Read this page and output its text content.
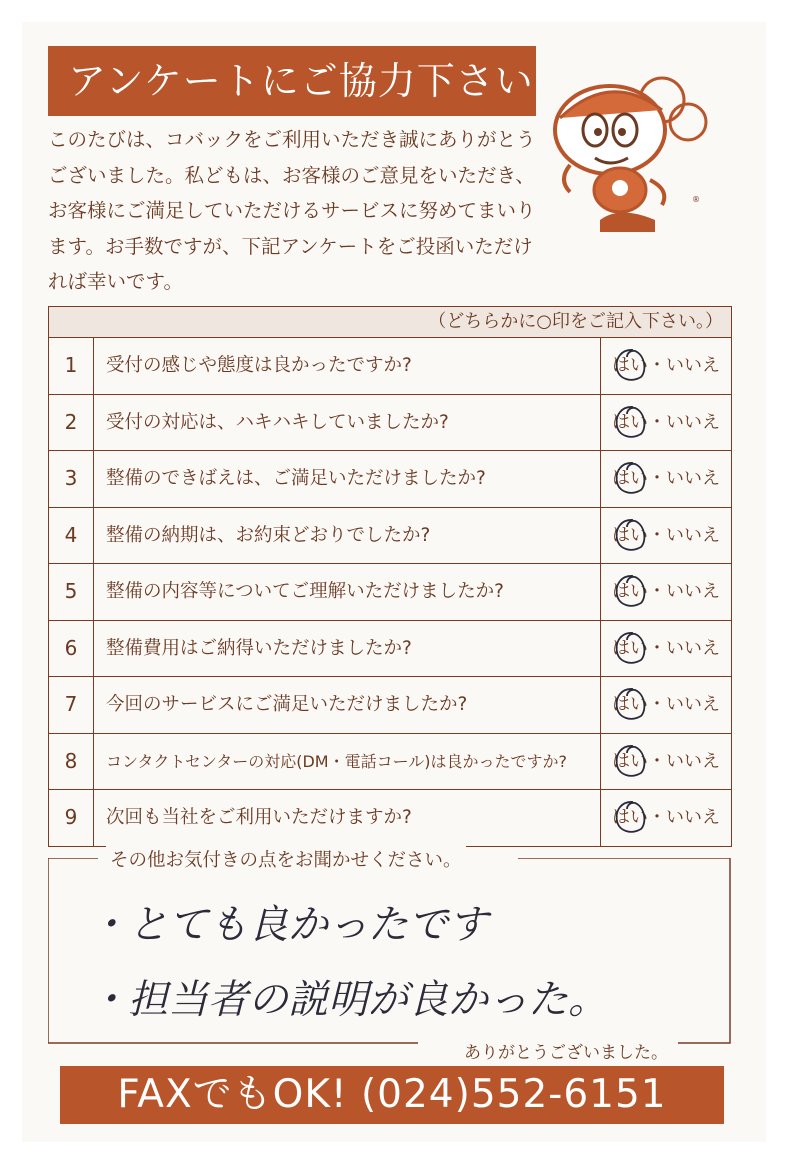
アンケートにご協力下さい
このたびは、コバックをご利用いただき誠にありがとうございました。私どもは、お客様のご意見をいただき、お客様にご満足していただけるサービスに努めてまいります。お手数ですが、下記アンケートをご投函いただければ幸いです。
®
（どちらかに○印をご記入下さい。）
1	受付の感じや態度は良かったですか?	はい・いいえ
2	受付の対応は、ハキハキしていましたか?	はい・いいえ
3	整備のできばえは、ご満足いただけましたか?	はい・いいえ
4	整備の納期は、お約束どおりでしたか?	はい・いいえ
5	整備の内容等についてご理解いただけましたか?	はい・いいえ
6	整備費用はご納得いただけましたか?	はい・いいえ
7	今回のサービスにご満足いただけましたか?	はい・いいえ
8	コンタクトセンターの対応(DM・電話コール)は良かったですか?	はい・いいえ
9	次回も当社をご利用いただけますか?	はい・いいえ
その他お気付きの点をお聞かせください。
・とても良かったです
・担当者の説明が良かった。
ありがとうございました。
FAXでもOK! (024)552-6151
